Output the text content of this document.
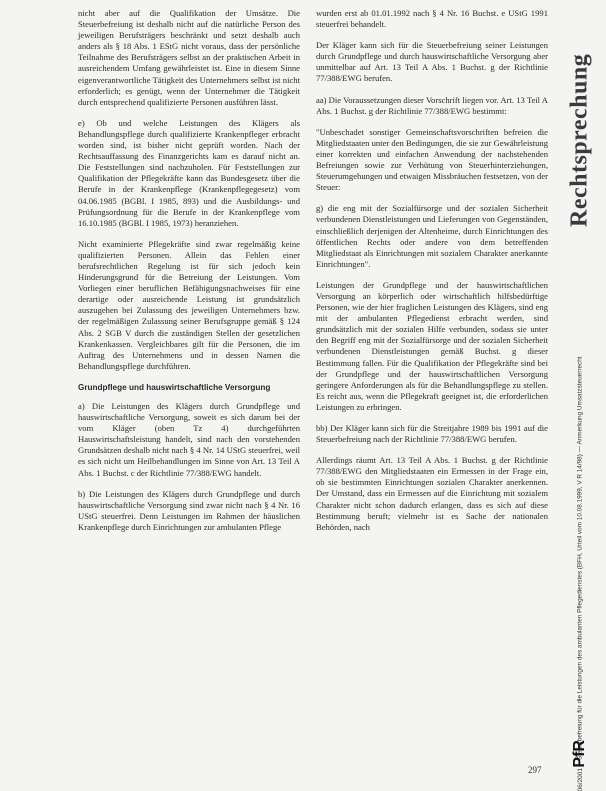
nicht aber auf die Qualifikation der Umsätze. Die Steuerbefreiung ist deshalb nicht auf die natürliche Person des jeweiligen Berufsträgers beschränkt und setzt deshalb auch anders als § 18 Abs. 1 EStG nicht voraus, dass der persönliche Teilnahme des Berufsträgers selbst an der praktischen Arbeit in ausreichendem Umfang gewährleistet ist. Eine in diesem Sinne eigenverantwortliche Tätigkeit des Unternehmers selbst ist nicht erforderlich; es genügt, wenn der Unternehmer die Tätigkeit durch entsprechend qualifizierte Personen ausführen lässt.

e) Ob und welche Leistungen des Klägers als Behandlungspflege durch qualifizierte Krankenpfleger erbracht worden sind, ist bisher nicht geprüft worden. Nach der Rechtsauffassung des Finanzgerichts kam es darauf nicht an. Die Feststellungen sind nachzuholen. Für Feststellungen zur Qualifikation der Pflegekräfte kann das Bundesgesetz über die Berufe in der Krankenpflege (Krankenpflegegesetz) vom 04.06.1985 (BGBl. I 1985, 893) und die Ausbildungs- und Prüfungsordnung für die Berufe in der Krankenpflege vom 16.10.1985 (BGBl. I 1985, 1973) heranziehen.

Nicht examinierte Pflegekräfte sind zwar regelmäßig keine qualifizierten Personen. Allein das Fehlen einer berufsrechtlichen Regelung ist für sich jedoch kein Hinderungsgrund für die Betreiung der Leistungen. Vom Vorliegen einer beruflichen Befähigungsnachweises für eine derartige oder ausreichende Leistung ist grundsätzlich auszugehen bei Zulassung des jeweiligen Unternehmers bzw. der regelmäßigen Zulassung seiner Berufsgruppe gemäß § 124 Abs. 2 SGB V durch die zuständigen Stellen der gesetzlichen Krankenkassen. Vergleichbares gilt für die Personen, die im Auftrag des Unternehmens und in dessen Namen die Behandlungspflege durchführen.

Grundpflege und hauswirtschaftliche Versorgung

a) Die Leistungen des Klägers durch Grundpflege und hauswirtschaftliche Versorgung, soweit es sich darum bei der vom Kläger (oben Tz 4) durchgeführten Hauswirtschaftsleistung handelt, sind nach den vorstehenden Grundsätzen deshalb nicht nach § 4 Nr. 14 UStG steuerfrei, weil es sich nicht um Heilbehandlungen im Sinne von Art. 13 Teil A Abs. 1 Buchst. c der Richtlinie 77/388/EWG handelt.

b) Die Leistungen des Klägers durch Grundpflege und durch hauswirtschaftliche Versorgung sind zwar nicht nach § 4 Nr. 16 UStG steuerfrei. Denn Leistungen im Rahmen der häuslichen Krankenpflege durch Einrichtungen zur ambulanten Pflege

wurden erst ab 01.01.1992 nach § 4 Nr. 16 Buchst. e UStG 1991 steuerfrei behandelt.

Der Kläger kann sich für die Steuerbefreiung seiner Leistungen durch Grundpflege und durch hauswirtschaftliche Versorgung aber unmittelbar auf Art. 13 Teil A Abs. 1 Buchst. g der Richtlinie 77/388/EWG berufen.

aa) Die Voraussetzungen dieser Vorschrift liegen vor. Art. 13 Teil A Abs. 1 Buchst. g der Richtlinie 77/388/EWG bestimmt:

"Unbeschadet sonstiger Gemeinschaftsvorschriften befreien die Mitgliedstaaten unter den Bedingungen, die sie zur Gewährleistung einer korrekten und einfachen Anwendung der nachstehenden Befreiungen sowie zur Verhütung von Steuerhinterziehungen, Steuerumgehungen und etwaigen Missbräuchen festsetzen, von der Steuer:

g) die eng mit der Sozialfürsorge und der sozialen Sicherheit verbundenen Dienstleistungen und Lieferungen von Gegenständen, einschließlich derjenigen der Altenheime, durch Einrichtungen des öffentlichen Rechts oder andere von dem betreffenden Mitgliedstaat als Einrichtungen mit sozialem Charakter anerkannte Einrichtungen".

Leistungen der Grundpflege und der hauswirtschaftlichen Versorgung an körperlich oder wirtschaftlich hilfsbedürftige Personen, wie der hier fraglichen Leistungen des Klägers, sind eng mit der ambulanten Pflegedienst erbracht werden, sind grundsätzlich mit der sozialen Hilfe verbunden, sodass sie unter den Begriff eng mit der Sozialfürsorge und der sozialen Sicherheit verbundenen Dienstleistungen gemäß Buchst. g dieser Bestimmung fallen. Für die Qualifikation der Pflegekräfte sind bei der Grundpflege und der hauswirtschaftlichen Versorgung geringere Anforderungen als für die Behandlungspflege zu stellen. Es reicht aus, wenn die Pflegekraft geeignet ist, die erforderlichen Leistungen zu erbringen.

bb) Der Kläger kann sich für die Streitjahre 1989 bis 1991 auf die Steuerbefreiung nach der Richtlinie 77/388/EWG berufen.

Allerdings räumt Art. 13 Teil A Abs. 1 Buchst. g der Richtlinie 77/388/EWG den Mitgliedstaaten ein Ermessen in der Frage ein, ob sie bestimmten Einrichtungen sozialen Charakter anerkennen. Der Umstand, dass ein Ermessen auf die Einrichtung mit sozialem Charakter nicht schon dadurch erlangen, dass es sich auf diese Bestimmung beruft; vielmehr ist es Sache der nationalen Behörden, nach

Rechtsprechung
Steuerbefreiung für die Leistungen des ambulanten Pflegedienstes (BFH, Urteil vom 10.08.1999, V R 14/98) — Anmerkung Umsatzsteuerrecht
PfR
06/2001
297
